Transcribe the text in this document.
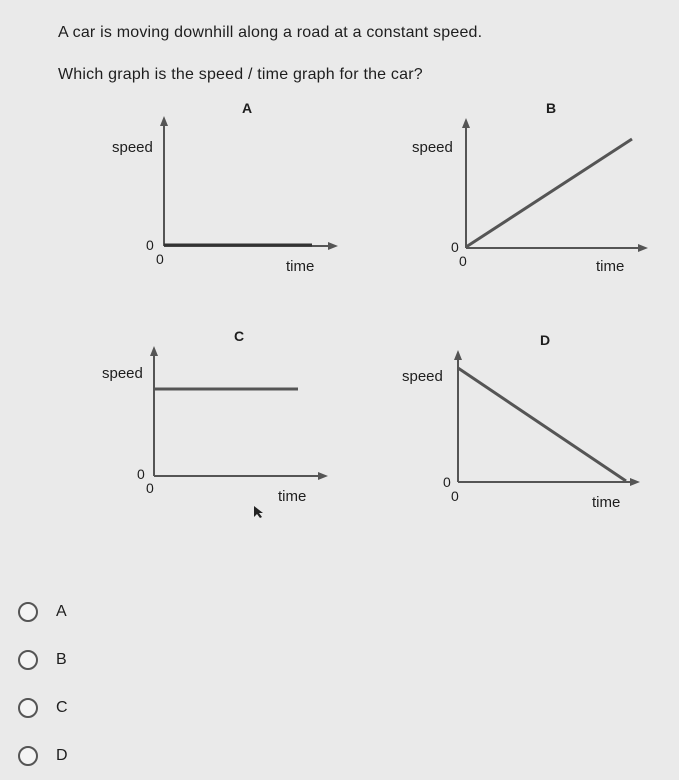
A car is moving downhill along a road at a constant speed.
Which graph is the speed / time graph for the car?
A
speed
0
0	time
B
speed
0
0	time
C
speed
0
0	time
D
speed
0
0	time
A
B
C
D
